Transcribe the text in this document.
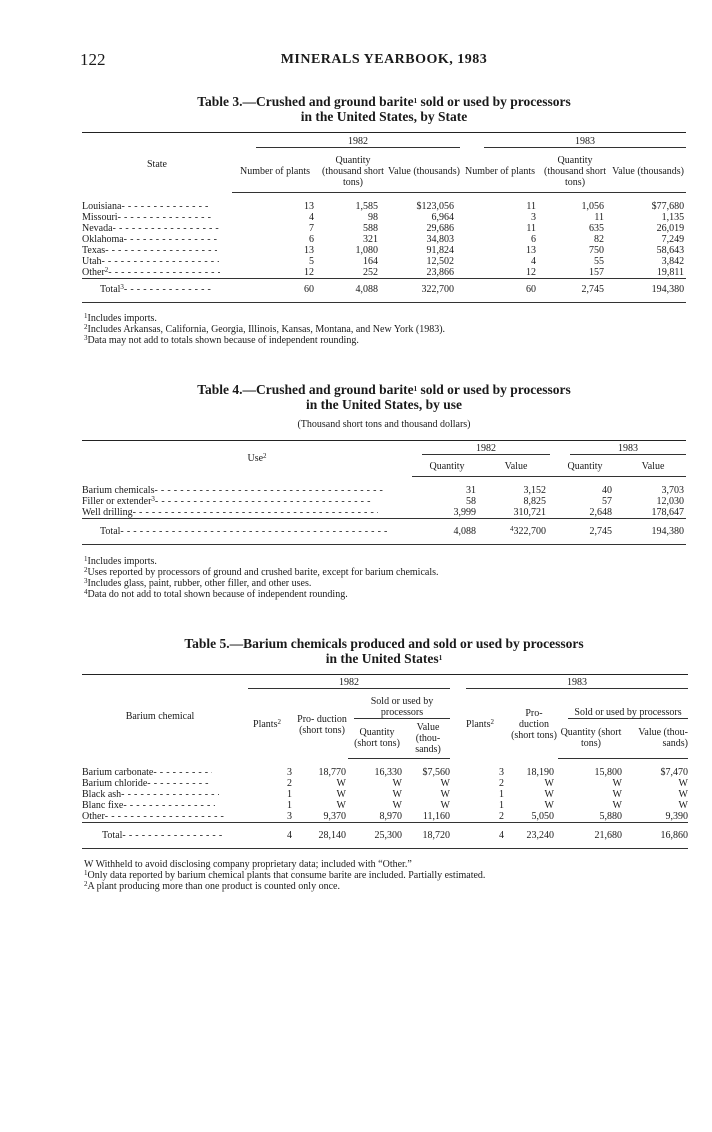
122	MINERALS YEARBOOK, 1983
Table 3.—Crushed and ground barite$^1$ sold or used by processors
in the United States, by State
State	1982			1983		

	Number of plants	Quantity (thousand short tons)	Value (thousands)	Number of plants	Quantity (thousand short tons)	Value (thousands)

Louisiana- - -	13	1,585	$123,056	11	1,056	$77,680
Missouri- - -	4	98	6,964	3	11	1,135
Nevada- - -	7	588	29,686	11	635	26,019
Oklahoma- - -	6	321	34,803	6	82	7,249
Texas- - -	13	1,080	91,824	13	750	58,643
Utah- - -	5	164	12,502	4	55	3,842
Other$^2$- - -	12	252	23,866	12	157	19,811

Total$^3$- - -	60	4,088	322,700	60	2,745	194,380

$^1$Includes imports.
$^2$Includes Arkansas, California, Georgia, Illinois, Kansas, Montana, and New York (1983).
$^3$Data may not add to totals shown because of independent rounding.
Table 4.—Crushed and ground barite$^1$ sold or used by processors
in the United States, by use
(Thousand short tons and thousand dollars)
Use$^2$	1982		1983	

	Quantity	Value	Quantity	Value

Barium chemicals- - -	31	3,152	40	3,703
Filler or extender$^3$- - -	58	8,825	57	12,030
Well drilling- - -	3,999	310,721	2,648	178,647

Total- - -	4,088	$^4$322,700	2,745	194,380

$^1$Includes imports.
$^2$Uses reported by processors of ground and crushed barite, except for barium chemicals.
$^3$Includes glass, paint, rubber, other filler, and other uses.
$^4$Data do not add to total shown because of independent rounding.
Table 5.—Barium chemicals produced and sold or used by processors
in the United States$^1$
Barium chemical	1982				1983			

	Plants$^2$	Pro- duction (short tons)	Sold or used by processors		Plants$^2$	Pro- duction (short tons)	Sold or used by processors	

			Quantity (short tons)	Value (thou- sands)			Quantity (short tons)	Value (thou- sands)

Barium carbonate- - -	3	18,770	16,330	$7,560	3	18,190	15,800	$7,470
Barium chloride- - -	2	W	W	W	2	W	W	W
Black ash- - -	1	W	W	W	1	W	W	W
Blanc fixe- - -	1	W	W	W	1	W	W	W
Other- - -	3	9,370	8,970	11,160	2	5,050	5,880	9,390

Total- - -	4	28,140	25,300	18,720	4	23,240	21,680	16,860

W Withheld to avoid disclosing company proprietary data; included with “Other.”
$^1$Only data reported by barium chemical plants that consume barite are included. Partially estimated.
$^2$A plant producing more than one product is counted only once.
